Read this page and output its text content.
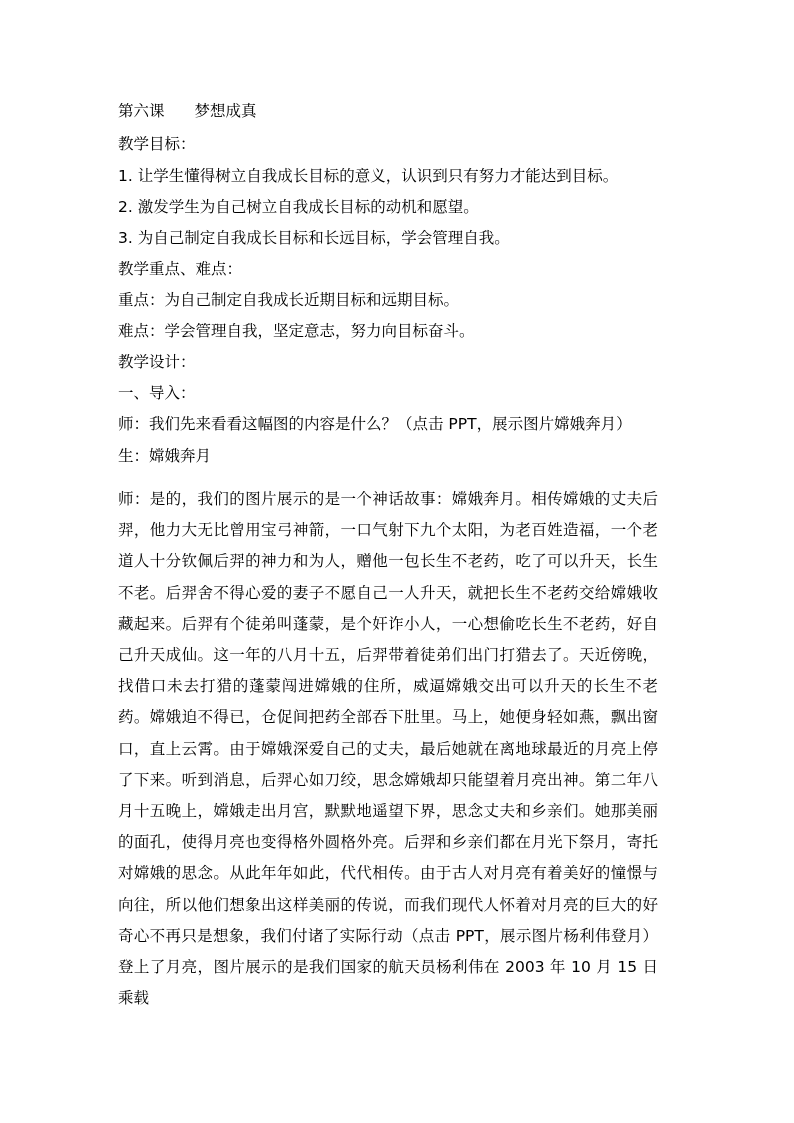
第六课 梦想成真
教学目标：
1. 让学生懂得树立自我成长目标的意义，认识到只有努力才能达到目标。
2. 激发学生为自己树立自我成长目标的动机和愿望。
3. 为自己制定自我成长目标和长远目标，学会管理自我。
教学重点、难点：
重点：为自己制定自我成长近期目标和远期目标。
难点：学会管理自我，坚定意志，努力向目标奋斗。
教学设计：
一、导入：
师：我们先来看看这幅图的内容是什么？（点击 PPT，展示图片嫦娥奔月）
生：嫦娥奔月
师：是的，我们的图片展示的是一个神话故事：嫦娥奔月。相传嫦娥的丈夫后羿，他力大无比曾用宝弓神箭，一口气射下九个太阳，为老百姓造福，一个老道人十分钦佩后羿的神力和为人，赠他一包长生不老药，吃了可以升天，长生不老。后羿舍不得心爱的妻子不愿自己一人升天，就把长生不老药交给嫦娥收藏起来。后羿有个徒弟叫蓬蒙，是个奸诈小人，一心想偷吃长生不老药，好自己升天成仙。这一年的八月十五，后羿带着徒弟们出门打猎去了。天近傍晚，找借口未去打猎的蓬蒙闯进嫦娥的住所，威逼嫦娥交出可以升天的长生不老药。嫦娥迫不得已，仓促间把药全部吞下肚里。马上，她便身轻如燕，飘出窗口，直上云霄。由于嫦娥深爱自己的丈夫，最后她就在离地球最近的月亮上停了下来。听到消息，后羿心如刀绞，思念嫦娥却只能望着月亮出神。第二年八月十五晚上，嫦娥走出月宫，默默地遥望下界，思念丈夫和乡亲们。她那美丽的面孔，使得月亮也变得格外圆格外亮。后羿和乡亲们都在月光下祭月，寄托对嫦娥的思念。从此年年如此，代代相传。由于古人对月亮有着美好的憧憬与向往，所以他们想象出这样美丽的传说，而我们现代人怀着对月亮的巨大的好奇心不再只是想象，我们付诸了实际行动（点击 PPT，展示图片杨利伟登月）登上了月亮，图片展示的是我们国家的航天员杨利伟在 2003 年 10 月 15 日乘载
